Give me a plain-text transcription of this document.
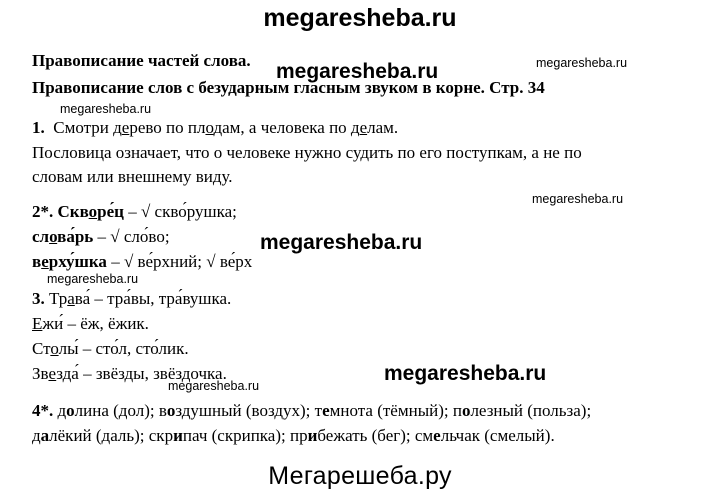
megaresheba.ru
megaresheba.ru
megaresheba.ru
megaresheba.ru
megaresheba.ru
megaresheba.ru
megaresheba.ru
megaresheba.ru
megaresheba.ru
Правописание частей слова.
Правописание слов с безударным гласным звуком в корне. Стр. 34
1. Смотри дерево по плодам, а человека по делам.
Пословица означает, что о человеке нужно судить по его поступкам, а не по
словам или внешнему виду.
2*. Скворе́ц – √ скво́рушка;
слова́рь – √ сло́во;
верху́шка – √ ве́рхний; √ ве́рх
3. Трава́ – тра́вы, тра́вушка.
Ежи́ – ёж, ёжик.
Столы́ – сто́л, сто́лик.
Звезда́ – звёзды, звёздочка.
4*. долина (дол); воздушный (воздух); темнота (тёмный); полезный (польза);
далёкий (даль); скрипач (скрипка); прибежать (бег); смельчак (смелый).
Мегарешеба.ру
